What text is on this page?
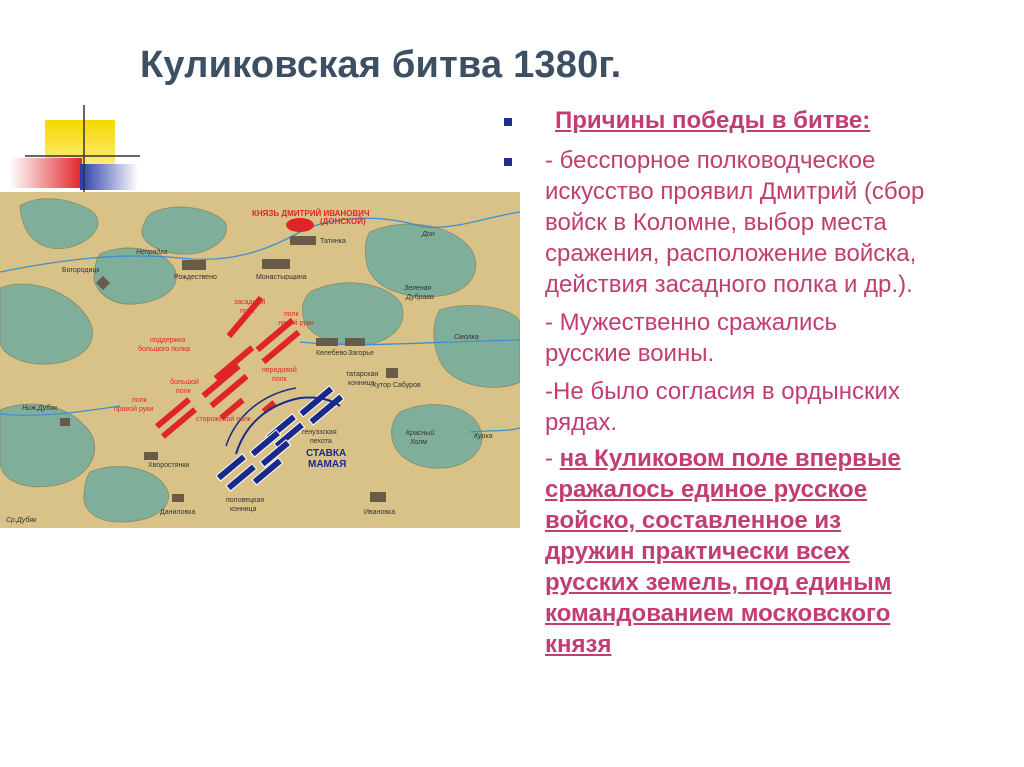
Куликовская битва 1380г.
КНЯЗЬ ДМИТРИЙ ИВАНОВИЧ
(ДОНСКОЙ)
Татинка
Дон
Непрядва
Богородицк
Рождествено	Монастырщина
Зеленая
Дубрава
засадный
полк	полк
левой руки
поддержка
большого полка
Келебево Загорье
Смолка
передовой
полк
большой
полк
полк
правой руки
сторожевой полк
татарская
конница
Хутор Сабуров
Ниж.Дубяк
генуэзская
пехота
СТАВКА
МАМАЯ
Красный
Холм
Курка
Хворостянки
половецкая
конница
Ср.Дубяк
Даниловка	Ивановка
Причины победы в битве:
- бесспорное полководческое
искусство проявил Дмитрий (сбор
войск в Коломне, выбор места
сражения, расположение войска,
действия засадного полка и др.).
- Мужественно сражались
русские воины.
-Не было согласия в ордынских
рядах.
- на Куликовом поле впервые
сражалось единое русское
войско, составленное из
дружин практически всех
русских земель, под единым
командованием московского
князя
